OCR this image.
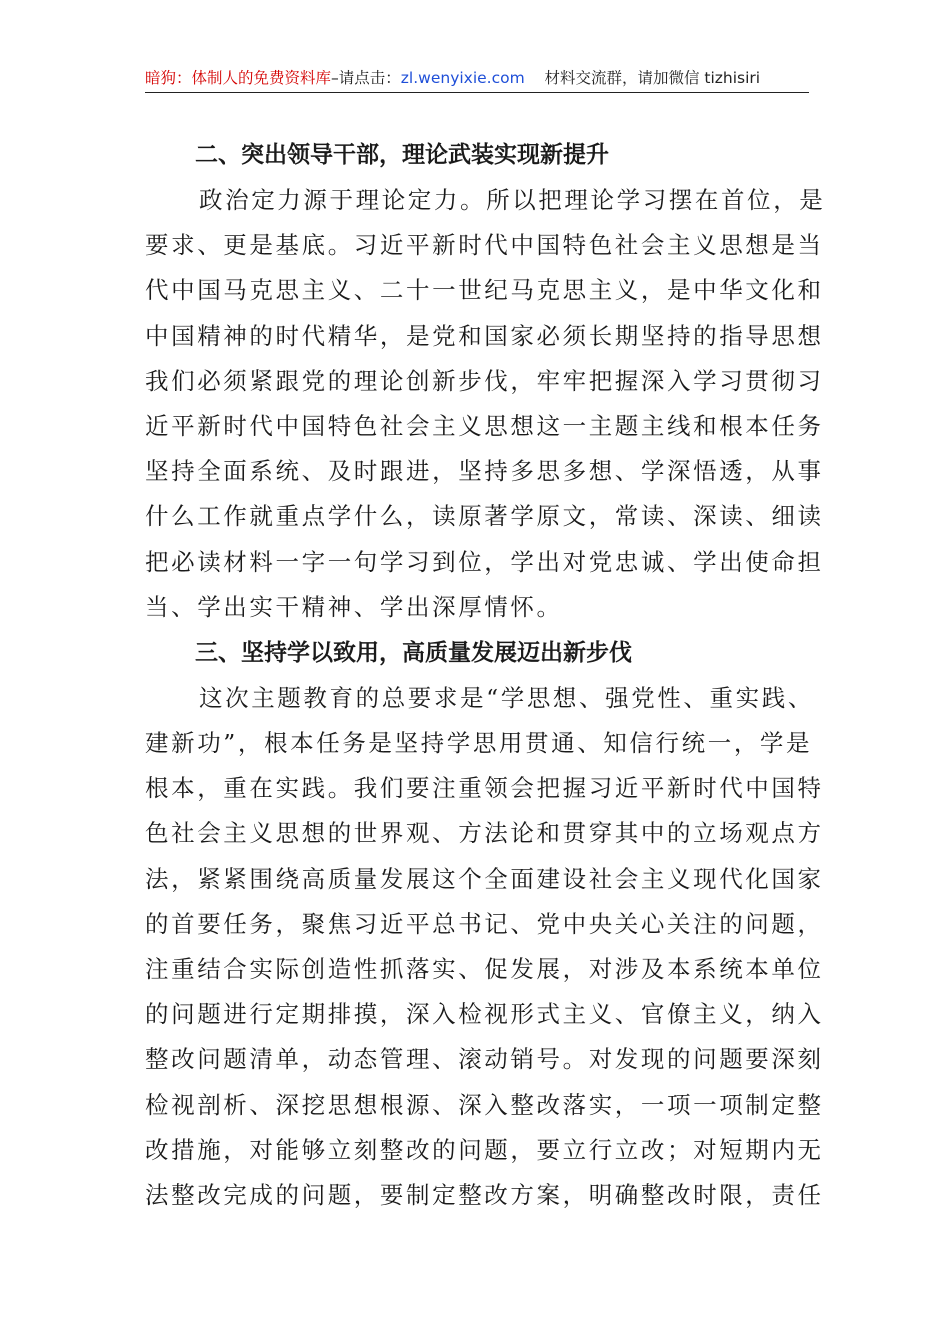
暗狗：体制人的免费资料库–请点击：zl.wenyixie.com 材料交流群，请加微信 tizhisiri
二、突出领导干部，理论武装实现新提升
政治定力源于理论定力。所以把理论学习摆在首位，是
要求、更是基底。习近平新时代中国特色社会主义思想是当
代中国马克思主义、二十一世纪马克思主义，是中华文化和
中国精神的时代精华，是党和国家必须长期坚持的指导思想
我们必须紧跟党的理论创新步伐，牢牢把握深入学习贯彻习
近平新时代中国特色社会主义思想这一主题主线和根本任务
坚持全面系统、及时跟进，坚持多思多想、学深悟透，从事
什么工作就重点学什么，读原著学原文，常读、深读、细读
把必读材料一字一句学习到位，学出对党忠诚、学出使命担
当、学出实干精神、学出深厚情怀。
三、坚持学以致用，高质量发展迈出新步伐
这次主题教育的总要求是“学思想、强党性、重实践、
建新功”，根本任务是坚持学思用贯通、知信行统一，学是
根本，重在实践。我们要注重领会把握习近平新时代中国特
色社会主义思想的世界观、方法论和贯穿其中的立场观点方
法，紧紧围绕高质量发展这个全面建设社会主义现代化国家
的首要任务，聚焦习近平总书记、党中央关心关注的问题，
注重结合实际创造性抓落实、促发展，对涉及本系统本单位
的问题进行定期排摸，深入检视形式主义、官僚主义，纳入
整改问题清单，动态管理、滚动销号。对发现的问题要深刻
检视剖析、深挖思想根源、深入整改落实，一项一项制定整
改措施，对能够立刻整改的问题，要立行立改；对短期内无
法整改完成的问题，要制定整改方案，明确整改时限，责任
